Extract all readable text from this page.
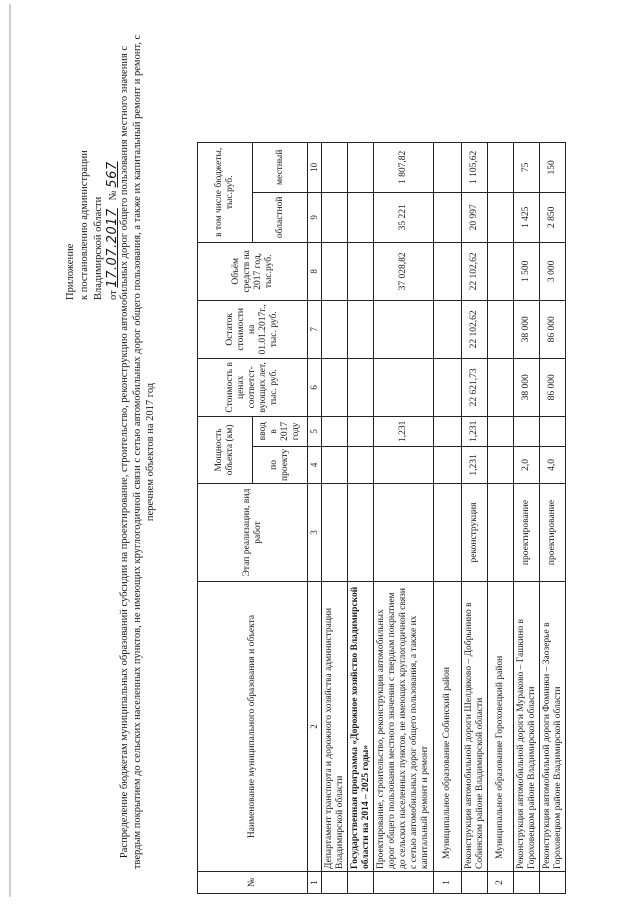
Приложение к постановлению администрации Владимирской области от 17.07.2017   № 567 Распределение бюджетам муниципальных образований субсидии на проектирование, строительство, реконструкцию автомобильных дорог общего пользования местного значения с твердым покрытием до сельских населенных пунктов, не имеющих круглогодичной связи с сетью автомобильных дорог общего пользования, а также их капитальный ремонт и ремонт, с перечнем объектов на 2017 год
№	Наименование муниципального образования и объекта	Этап реализации, вид работ	Мощность объекта (км)		Стоимость в ценах соответст-вующих лет, тыс. руб.	Остаток стоимости на 01.01.2017г., тыс. руб.	Объём средств на 2017 год, тыс.руб.	в том числе бюджеты, тыс.руб.	
			по проекту	ввод в 2017 году				областной	местный
1	2	3	4	5	6	7	8	9	10
	Департамент транспорта и дорожного хозяйства администрации Владимирской области								
	Государственная программа «Дорожное хозяйство Владимирской области на 2014 – 2025 годы»								
	Проектирование, строительство, реконструкция автомобильных дорог общего пользования местного значения с твердым покрытием до сельских населенных пунктов, не имеющих круглогодичной связи с сетью автомобильных дорог общего пользования, а также их капитальный ремонт и ремонт			1,231			37 028,82	35 221	1 807,82
1	Муниципальное образование Собинский район								
	Реконструкция автомобильной дороги Шелдяково – Добрынино в Собинском районе Владимирской области	реконструкция	1,231	1,231	22 621,73	22 102,62	22 102,62	20 997	1 105,62
2	Муниципальное образование Гороховецкий район								
	Реконструкция автомобильной дороги Мураково – Гашкино в Гороховецком районе Владимирской области	проектирование	2,0		38 000	38 000	1 500	1 425	75
	Реконструкция автомобильной дороги Фоминки – Заозерье в Гороховецком районе Владимирской области	проектирование	4,0		86 000	86 000	3 000	2 850	150
